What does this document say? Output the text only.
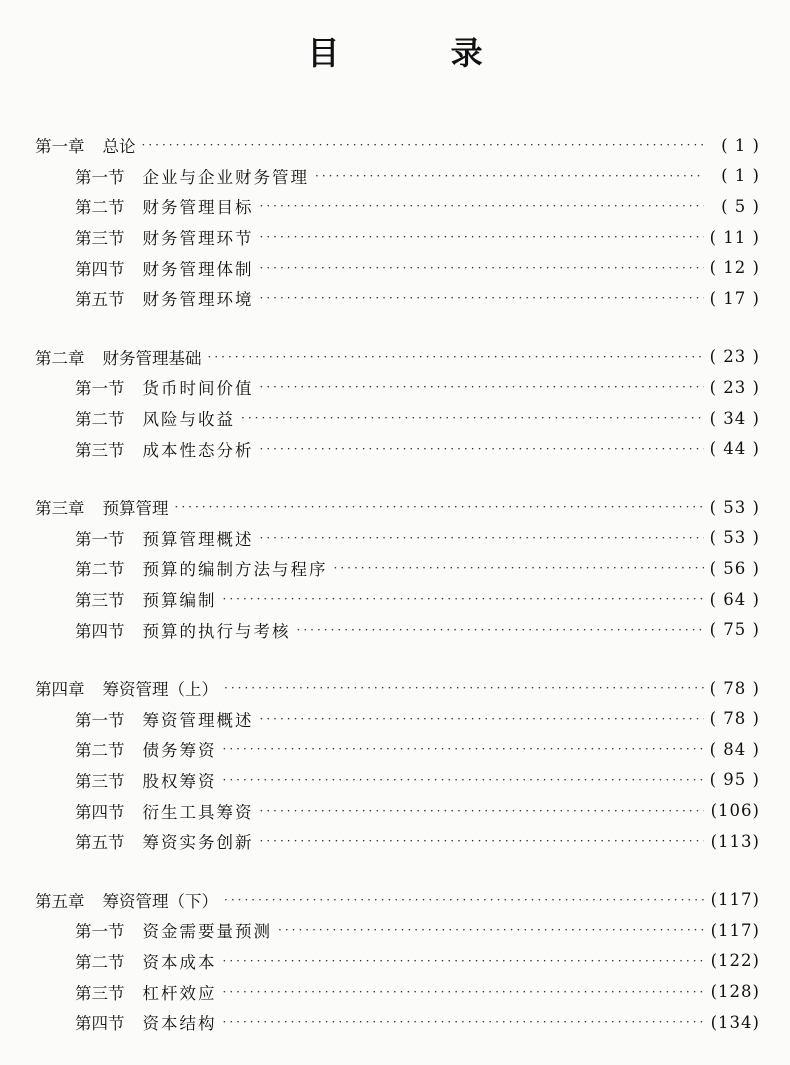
目 录
第一章 总论 ·····	( 1 )
第一节 企业与企业财务管理 ·····	( 1 )
第二节 财务管理目标 ·····	( 5 )
第三节 财务管理环节 ·····	( 11 )
第四节 财务管理体制 ·····	( 12 )
第五节 财务管理环境 ·····	( 17 )
第二章 财务管理基础 ·····	( 23 )
第一节 货币时间价值 ·····	( 23 )
第二节 风险与收益 ·····	( 34 )
第三节 成本性态分析 ·····	( 44 )
第三章 预算管理 ·····	( 53 )
第一节 预算管理概述 ·····	( 53 )
第二节 预算的编制方法与程序 ·····	( 56 )
第三节 预算编制 ·····	( 64 )
第四节 预算的执行与考核 ·····	( 75 )
第四章 筹资管理（上） ·····	( 78 )
第一节 筹资管理概述 ·····	( 78 )
第二节 债务筹资 ·····	( 84 )
第三节 股权筹资 ·····	( 95 )
第四节 衍生工具筹资 ·····	(106)
第五节 筹资实务创新 ·····	(113)
第五章 筹资管理（下） ·····	(117)
第一节 资金需要量预测 ·····	(117)
第二节 资本成本 ·····	(122)
第三节 杠杆效应 ·····	(128)
第四节 资本结构 ·····	(134)
